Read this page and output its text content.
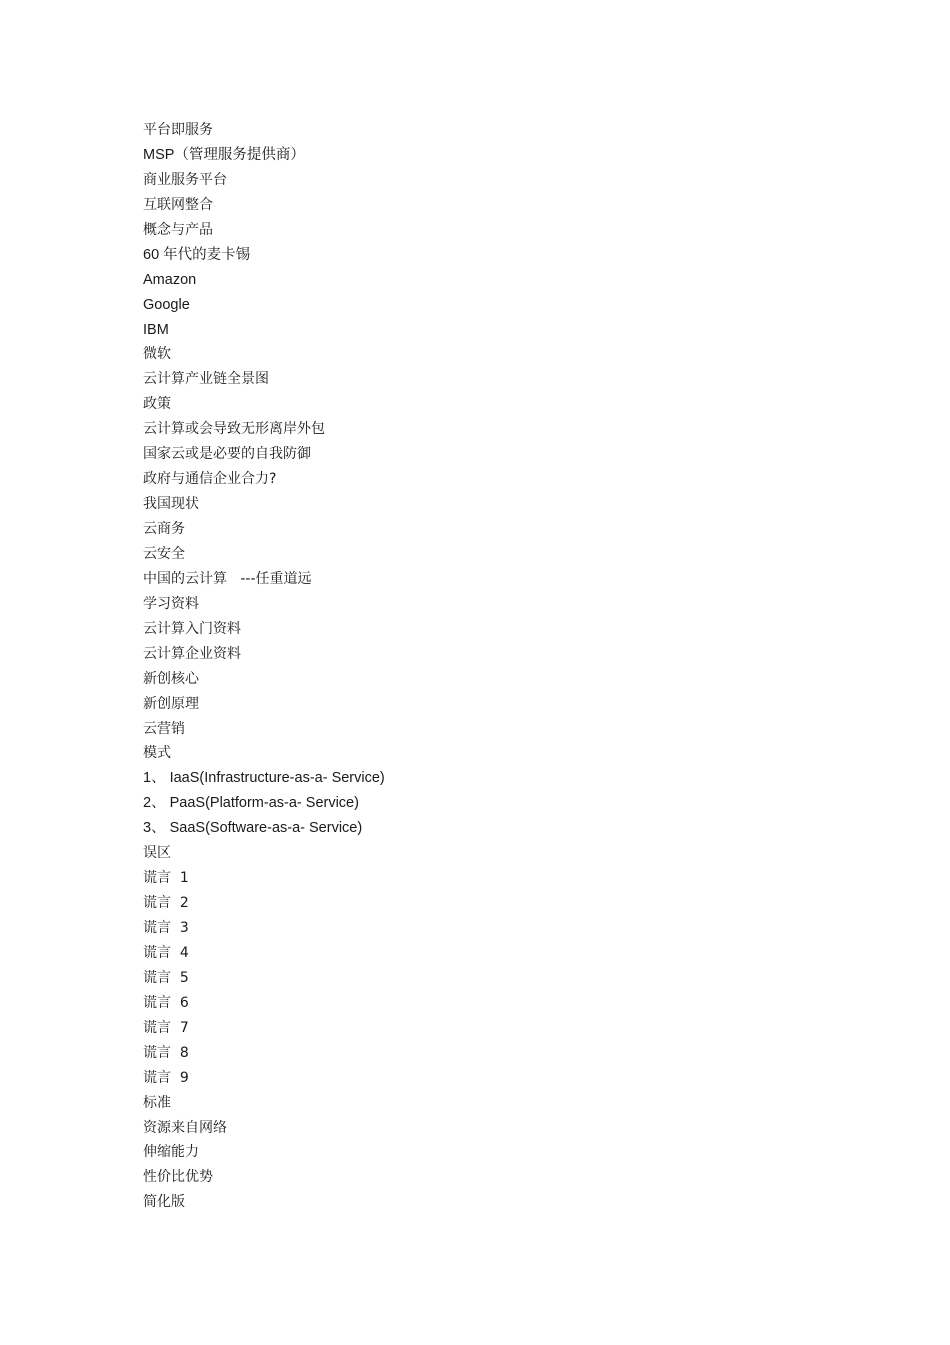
平台即服务
MSP（管理服务提供商）
商业服务平台
互联网整合
概念与产品
60 年代的麦卡锡
Amazon
Google
IBM
微软
云计算产业链全景图
政策
云计算或会导致无形离岸外包
国家云或是必要的自我防御
政府与通信企业合力?
我国现状
云商务
云安全
中国的云计算   ---任重道远
学习资料
云计算入门资料
云计算企业资料
新创核心
新创原理
云营销
模式
1、 IaaS(Infrastructure-as-a- Service)
2、 PaaS(Platform-as-a- Service)
3、 SaaS(Software-as-a- Service)
误区
谎言  1
谎言  2
谎言  3
谎言  4
谎言  5
谎言  6
谎言  7
谎言  8
谎言  9
标准
资源来自网络
伸缩能力
性价比优势
简化版
